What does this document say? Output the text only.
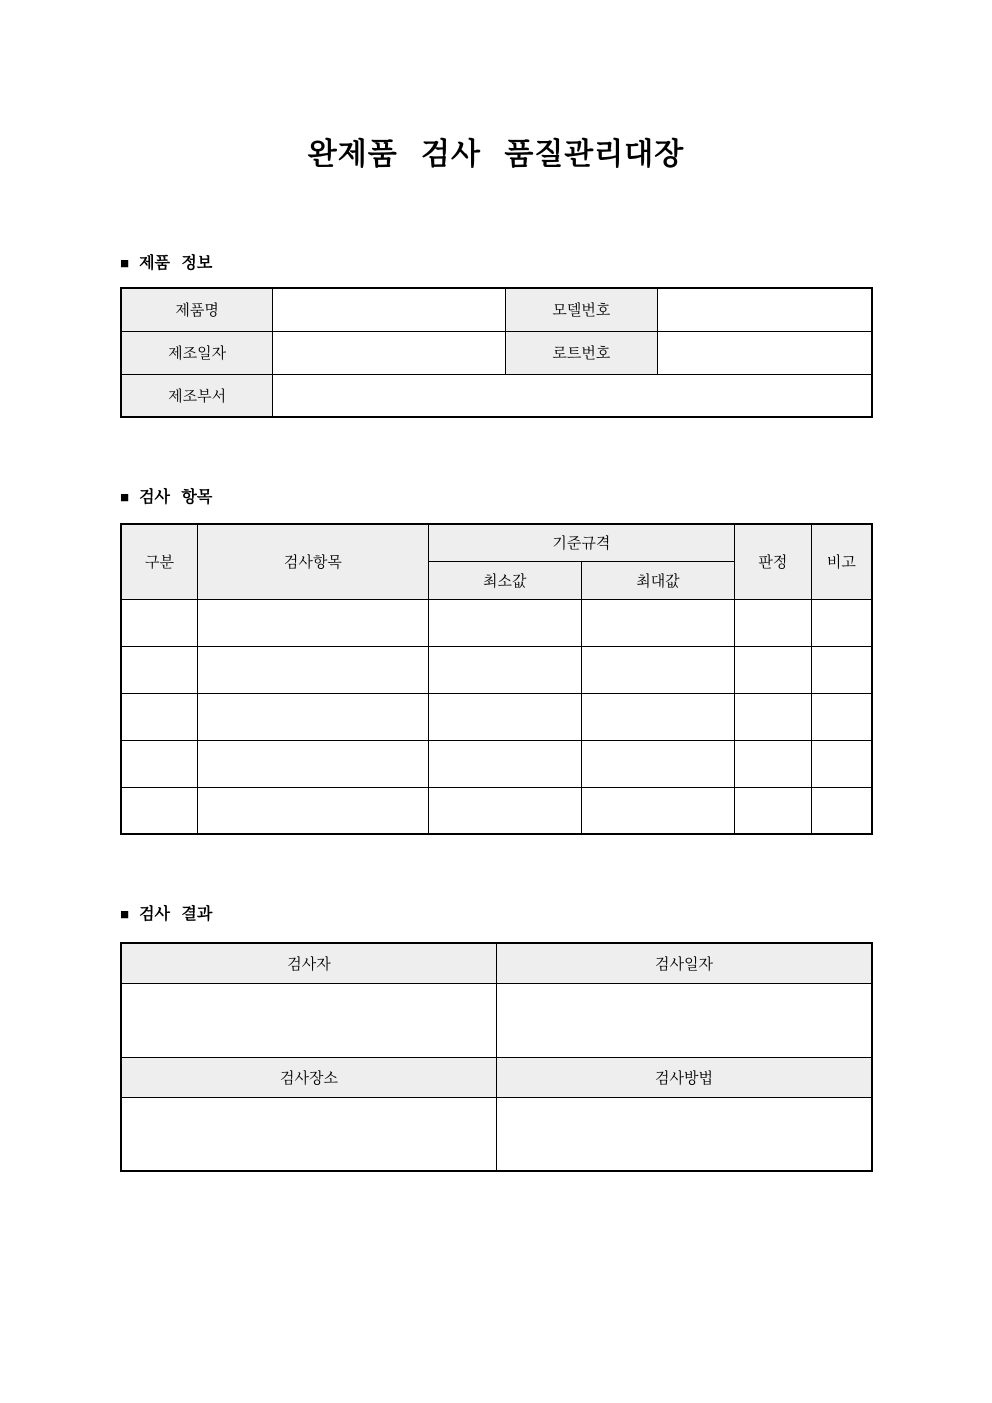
완제품 검사 품질관리대장
■ 제품 정보
제품명		모델번호	
제조일자		로트번호	
제조부서			
■ 검사 항목
구분	검사항목	기준규격		판정	비고
		최소값	최대값		

■ 검사 결과
검사자	검사일자

검사장소	검사방법
